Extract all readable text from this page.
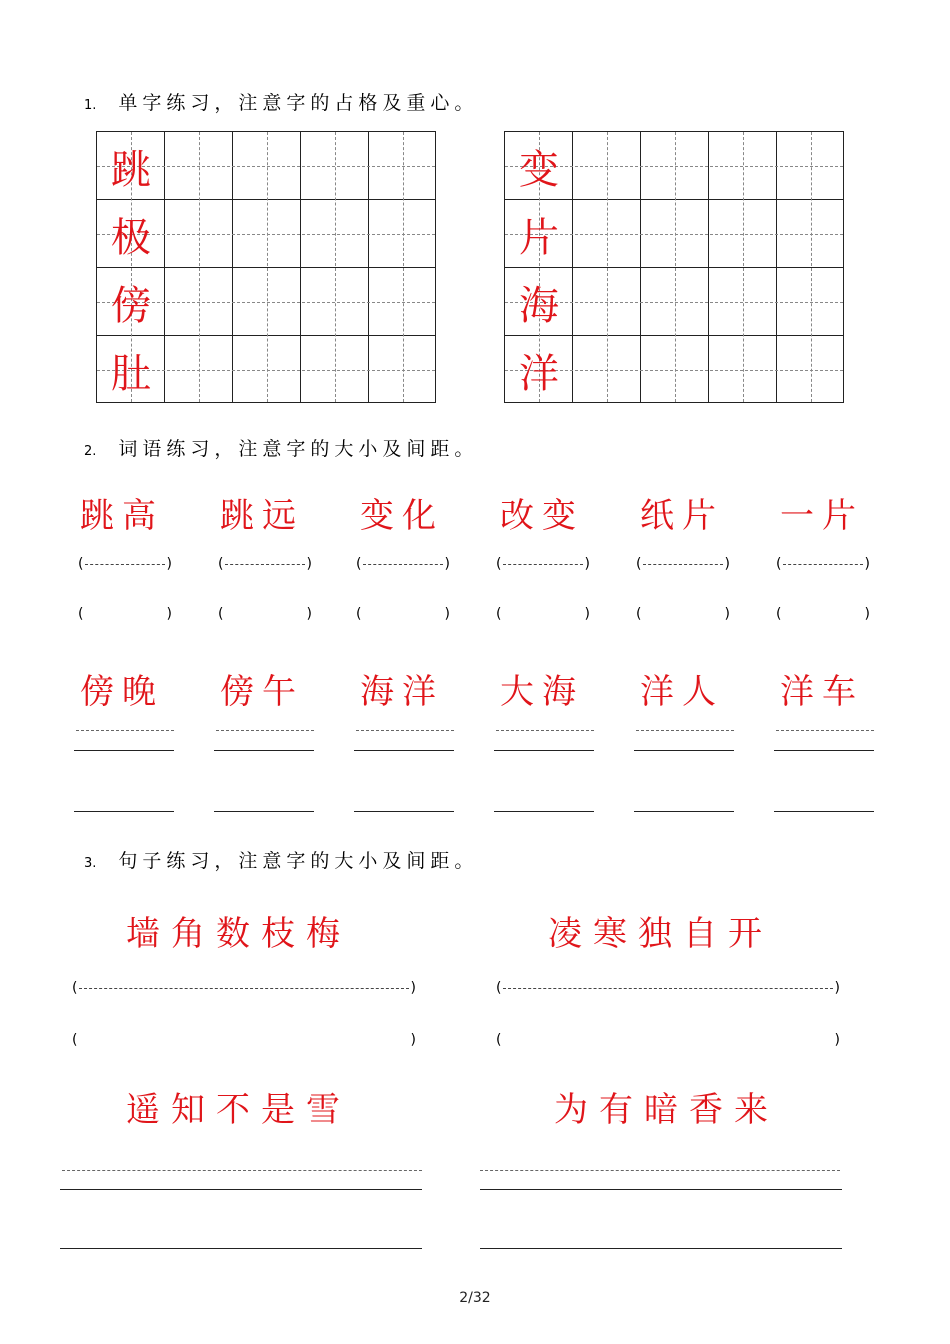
1. 单字练习，注意字的占格及重心。
跳
极
傍
肚
变
片
海
洋
2. 词语练习，注意字的大小及间距。
跳高 跳远 变化 改变 纸片 一片
(	)	(	)	(	)	(	)	(	)	(	)
(	)	(	)	(	)	(	)	(	)	(	)
傍晚 傍午 海洋 大海 洋人 洋车
3. 句子练习，注意字的大小及间距。
墙角数枝梅	凌寒独自开
(	)	(	)
(	)	(	)
遥知不是雪	为有暗香来
2/32
